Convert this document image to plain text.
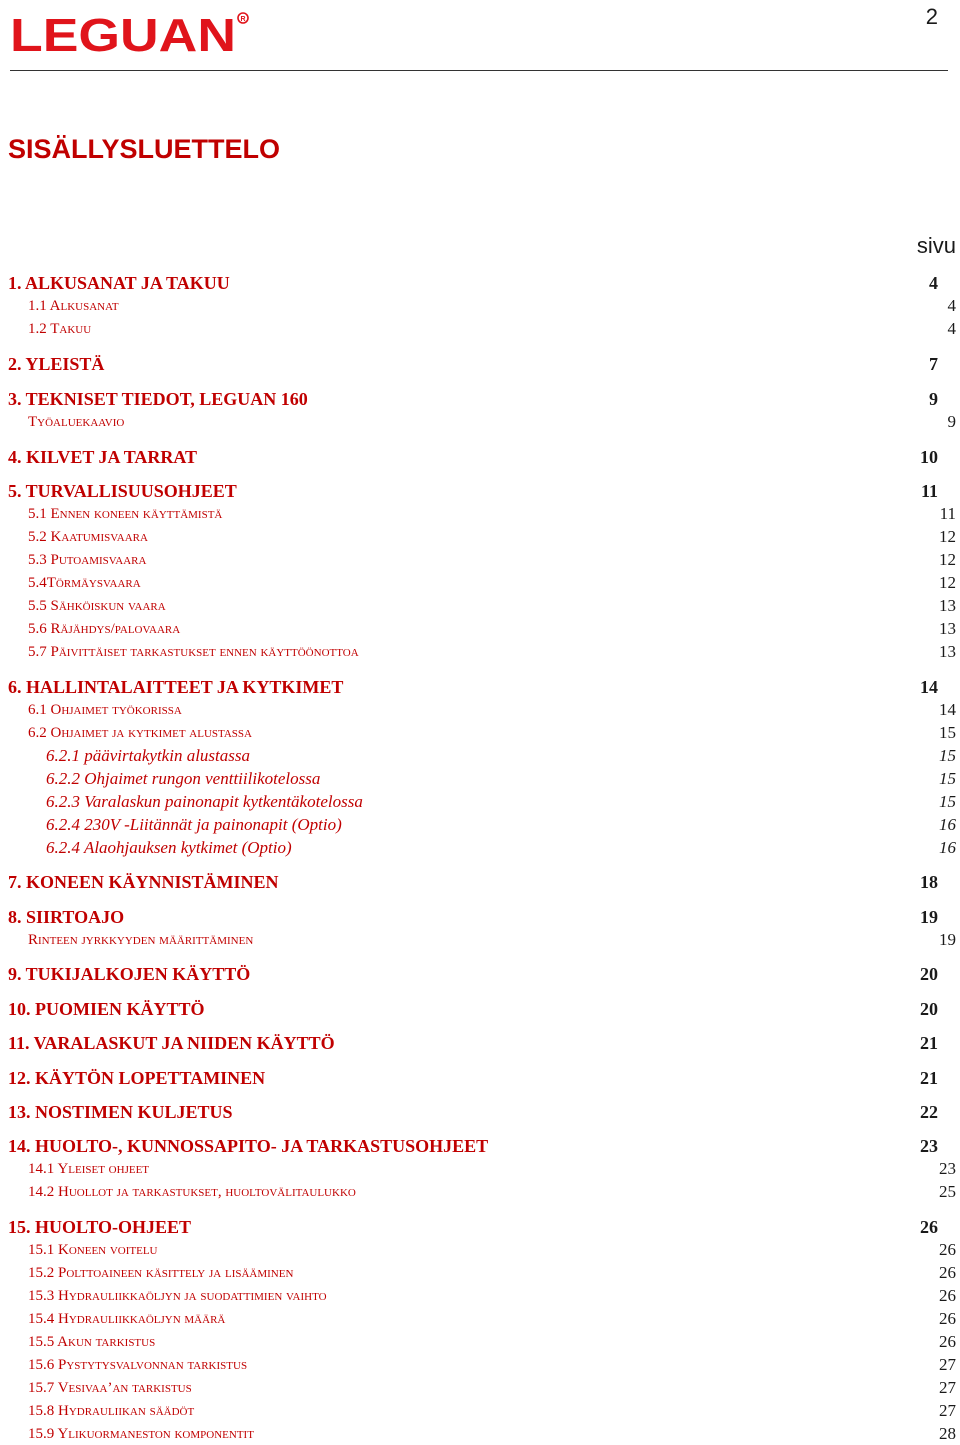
LEGUAN R	2
SISÄLLYSLUETTELO
sivu
1. ALKUSANAT JA TAKUU	4
1.1 Alkusanat	4
1.2 Takuu	4
2. YLEISTÄ	7
3. TEKNISET TIEDOT, LEGUAN 160	9
Työaluekaavio	9
4. KILVET JA TARRAT	10
5. TURVALLISUUSOHJEET	11
5.1 Ennen koneen käyttämistä	11
5.2 Kaatumisvaara	12
5.3 Putoamisvaara	12
5.4Törmäysvaara	12
5.5 Sähköiskun vaara	13
5.6 Räjähdys/palovaara	13
5.7 Päivittäiset tarkastukset ennen käyttöönottoa	13
6. HALLINTALAITTEET JA KYTKIMET	14
6.1 Ohjaimet työkorissa	14
6.2 Ohjaimet ja kytkimet alustassa	15
6.2.1 päävirtakytkin alustassa	15
6.2.2 Ohjaimet rungon venttiilikotelossa	15
6.2.3 Varalaskun painonapit kytkentäkotelossa	15
6.2.4 230V -Liitännät ja painonapit (Optio)	16
6.2.4 Alaohjauksen kytkimet (Optio)	16
7. KONEEN KÄYNNISTÄMINEN	18
8. SIIRTOAJO	19
Rinteen jyrkkyyden määrittäminen	19
9. TUKIJALKOJEN KÄYTTÖ	20
10. PUOMIEN KÄYTTÖ	20
11. VARALASKUT JA NIIDEN KÄYTTÖ	21
12. KÄYTÖN LOPETTAMINEN	21
13. NOSTIMEN KULJETUS	22
14. HUOLTO-, KUNNOSSAPITO- JA TARKASTUSOHJEET	23
14.1 Yleiset ohjeet	23
14.2 Huollot ja tarkastukset, huoltovälitaulukko	25
15. HUOLTO-OHJEET	26
15.1 Koneen voitelu	26
15.2 Polttoaineen käsittely ja lisääminen	26
15.3 Hydrauliikkaöljyn ja suodattimien vaihto	26
15.4 Hydrauliikkaöljyn määrä	26
15.5 Akun tarkistus	26
15.6 Pystytysvalvonnan tarkistus	27
15.7 Vesivaa’an tarkistus	27
15.8 Hydrauliikan säädöt	27
15.9 Ylikuormaneston komponentit	28
